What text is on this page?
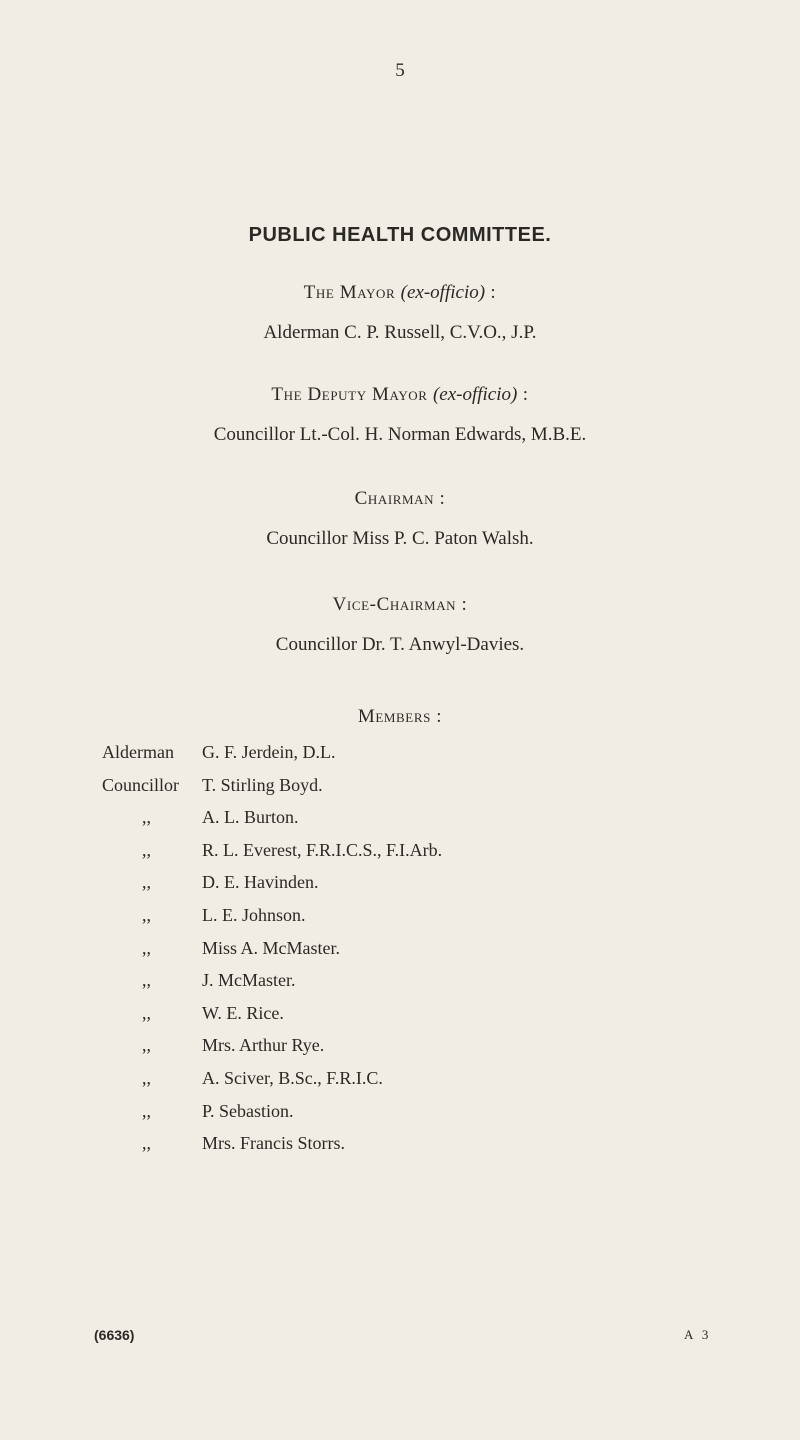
5
PUBLIC HEALTH COMMITTEE.
The Mayor (ex-officio) :
Alderman C. P. Russell, C.V.O., J.P.
The Deputy Mayor (ex-officio) :
Councillor Lt.-Col. H. Norman Edwards, M.B.E.
Chairman :
Councillor Miss P. C. Paton Walsh.
Vice-Chairman :
Councillor Dr. T. Anwyl-Davies.
Members :
Alderman G. F. Jerdein, D.L.
Councillor T. Stirling Boyd.
,,	A. L. Burton.
,,	R. L. Everest, F.R.I.C.S., F.I.Arb.
,,	D. E. Havinden.
,,	L. E. Johnson.
,,	Miss A. McMaster.
,,	J. McMaster.
,,	W. E. Rice.
,,	Mrs. Arthur Rye.
,,	A. Sciver, B.Sc., F.R.I.C.
,,	P. Sebastion.
,,	Mrs. Francis Storrs.
(6636)	A 3
